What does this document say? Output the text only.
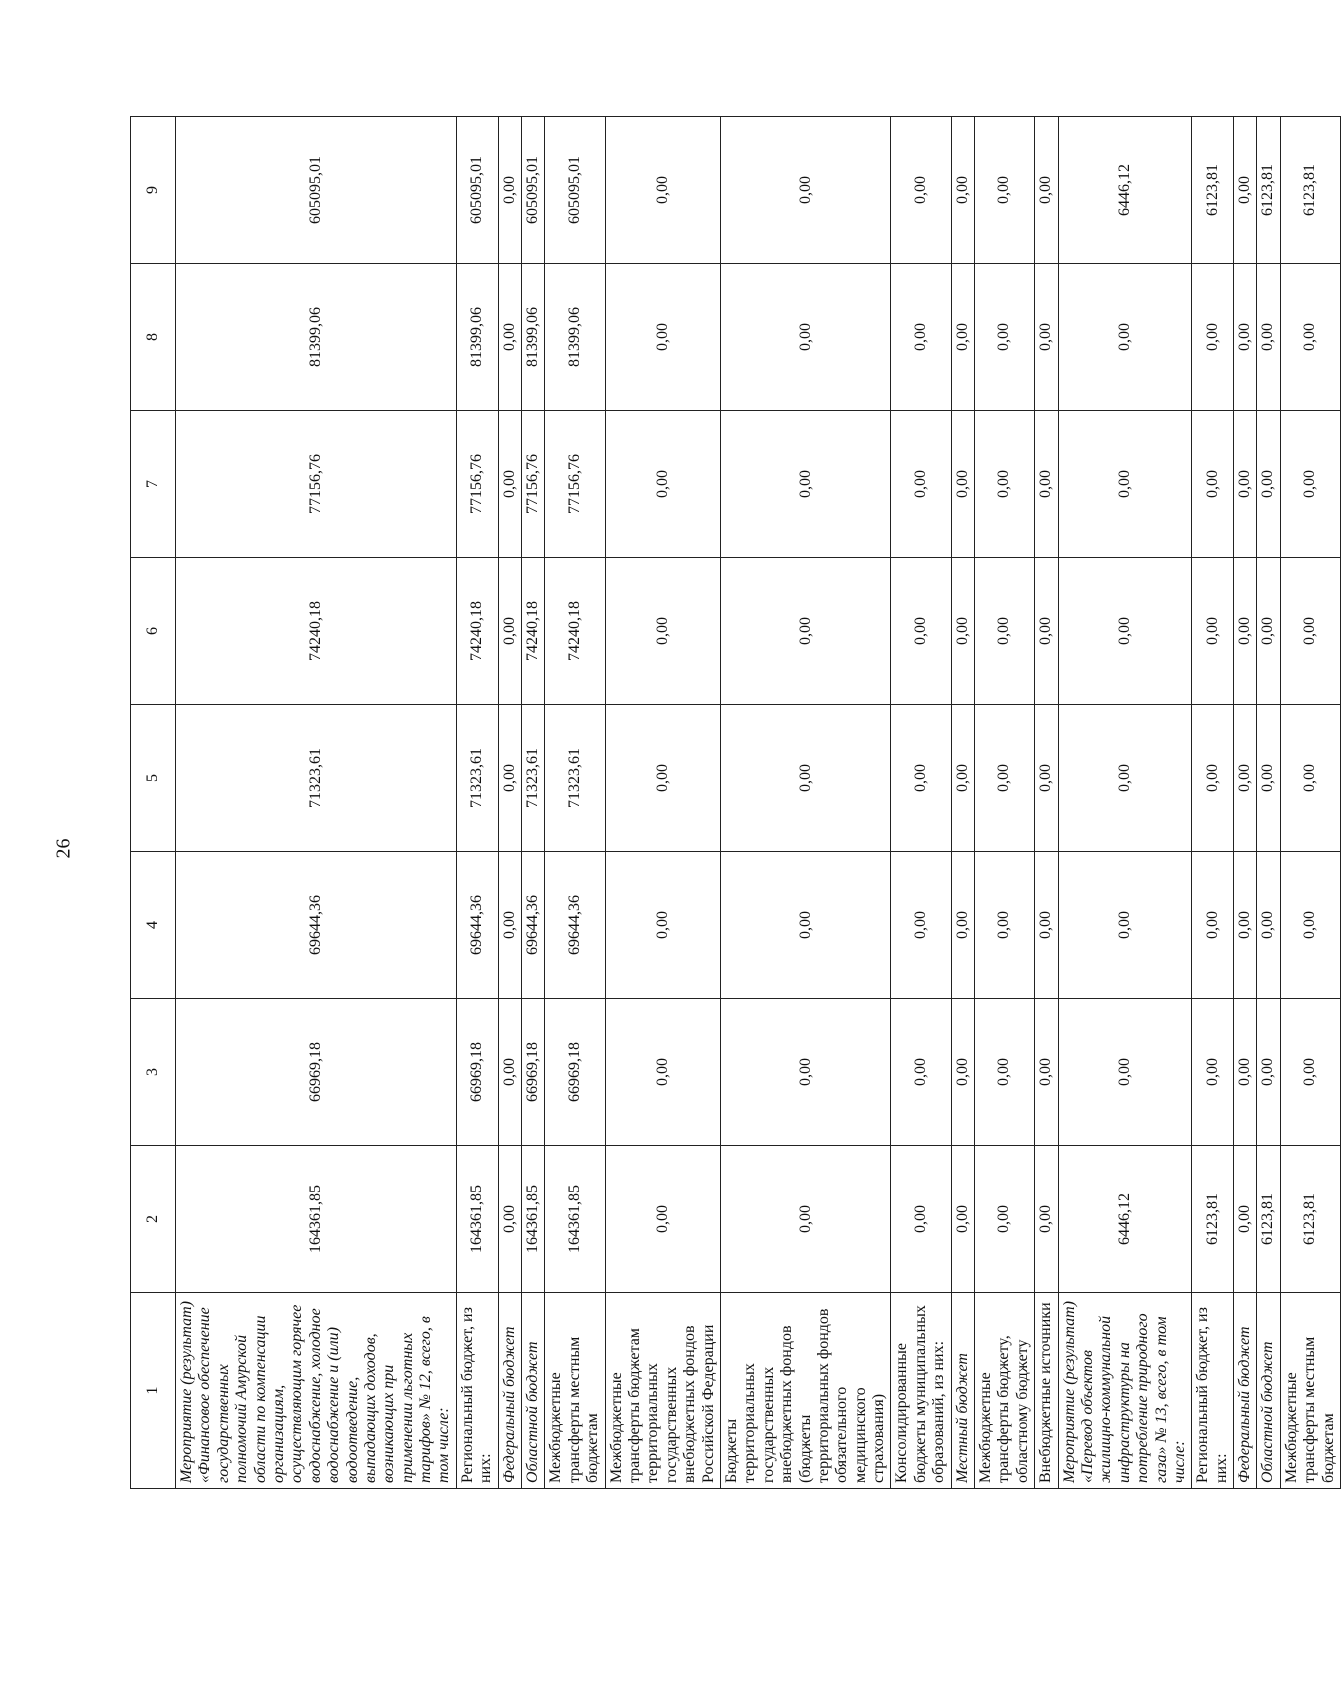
26
1	2	3	4	5	6	7	8	9
Мероприятие (результат) «Финансовое обеспечение государственных полномочий Амурской области по компенсации организациям, осуществляющим горячее водоснабжение, холодное водоснабжение и (или) водоотведение, выпадающих доходов, возникающих при применении льготных тарифов» № 12, всего, в том числе:	164361,85	66969,18	69644,36	71323,61	74240,18	77156,76	81399,06	605095,01
Региональный бюджет, из них:	164361,85	66969,18	69644,36	71323,61	74240,18	77156,76	81399,06	605095,01
Федеральный бюджет	0,00	0,00	0,00	0,00	0,00	0,00	0,00	0,00
Областной бюджет	164361,85	66969,18	69644,36	71323,61	74240,18	77156,76	81399,06	605095,01
Межбюджетные трансферты местным бюджетам	164361,85	66969,18	69644,36	71323,61	74240,18	77156,76	81399,06	605095,01
Межбюджетные трансферты бюджетам территориальных государственных внебюджетных фондов Российской Федерации	0,00	0,00	0,00	0,00	0,00	0,00	0,00	0,00
Бюджеты территориальных государственных внебюджетных фондов (бюджеты территориальных фондов обязательного медицинского страхования)	0,00	0,00	0,00	0,00	0,00	0,00	0,00	0,00
Консолидированные бюджеты муниципальных образований, из них:	0,00	0,00	0,00	0,00	0,00	0,00	0,00	0,00
Местный бюджет	0,00	0,00	0,00	0,00	0,00	0,00	0,00	0,00
Межбюджетные трансферты бюджету, областному бюджету	0,00	0,00	0,00	0,00	0,00	0,00	0,00	0,00
Внебюджетные источники	0,00	0,00	0,00	0,00	0,00	0,00	0,00	0,00
Мероприятие (результат) «Перевод объектов жилищно-коммунальной инфраструктуры на потребление природного газа» № 13, всего, в том числе:	6446,12	0,00	0,00	0,00	0,00	0,00	0,00	6446,12
Региональный бюджет, из них:	6123,81	0,00	0,00	0,00	0,00	0,00	0,00	6123,81
Федеральный бюджет	0,00	0,00	0,00	0,00	0,00	0,00	0,00	0,00
Областной бюджет	6123,81	0,00	0,00	0,00	0,00	0,00	0,00	6123,81
Межбюджетные трансферты местным бюджетам	6123,81	0,00	0,00	0,00	0,00	0,00	0,00	6123,81
